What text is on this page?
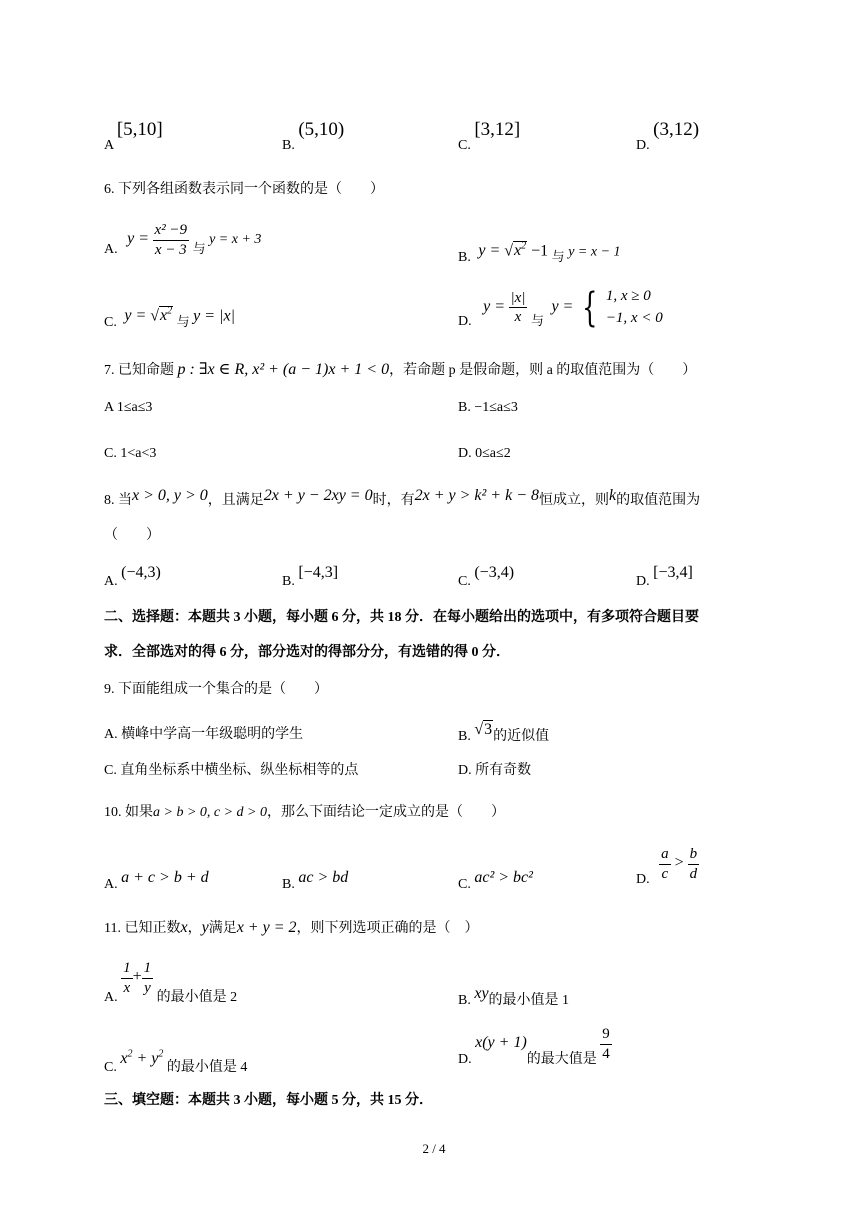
A [5,10]
B. (5,10)
C. [3,12]
D. (3,12)
6. 下列各组函数表示同一个函数的是（　　）
A. $y = \frac{\text{x² −9}}{x - 3}$ 与 y = x + 3
B. $y = √x^2 -1$ 与 y = x − 1
C. $y = √x^2$ 与 y = |x|	D. $y = \frac{|x|}{x}$ 与 y = { 1, x ≥ 0
−1, x < 0
7. 已知命题 p : ∃x ∈ R, x² + (a − 1)x + 1 < 0，若命题 p 是假命题，则 a 的取值范围为（　　）
A 1≤a≤3	B. −1≤a≤3
C. 1<a<3	D. 0≤a≤2
8. 当x > 0, y > 0，且满足2x + y − 2xy = 0时，有2x + y > k² + k − 8恒成立，则k的取值范围为
（　　）
A. (−4,3)
B. [−4,3]
C. (−3,4)
D. [−3,4]
二、选择题：本题共 3 小题，每小题 6 分，共 18 分．在每小题给出的选项中，有多项符合题目要
求．全部选对的得 6 分，部分选对的得部分分，有选错的得 0 分．
9. 下面能组成一个集合的是（　　）
A. 横峰中学高一年级聪明的学生	B. √3的近似值
C. 直角坐标系中横坐标、纵坐标相等的点	D. 所有奇数
10. 如果a > b > 0, c > d > 0，那么下面结论一定成立的是（　　）
A. a + c > b + d	B. ac > bd	C. ac² > bc²	D. $\frac{a}{c} > \frac{b}{d}$
11. 已知正数x，y满足x + y = 2，则下列选项正确的是（　）
A.
$\frac{1}{x} + \frac{1}{y}$
的最小值是 2	B. xy的最小值是 1
C. $x^2 + y^2$ 的最小值是 4
D. x(y + 1)的最大值是 $\frac{9}{4}$
三、填空题：本题共 3 小题，每小题 5 分，共 15 分．
2 / 4
